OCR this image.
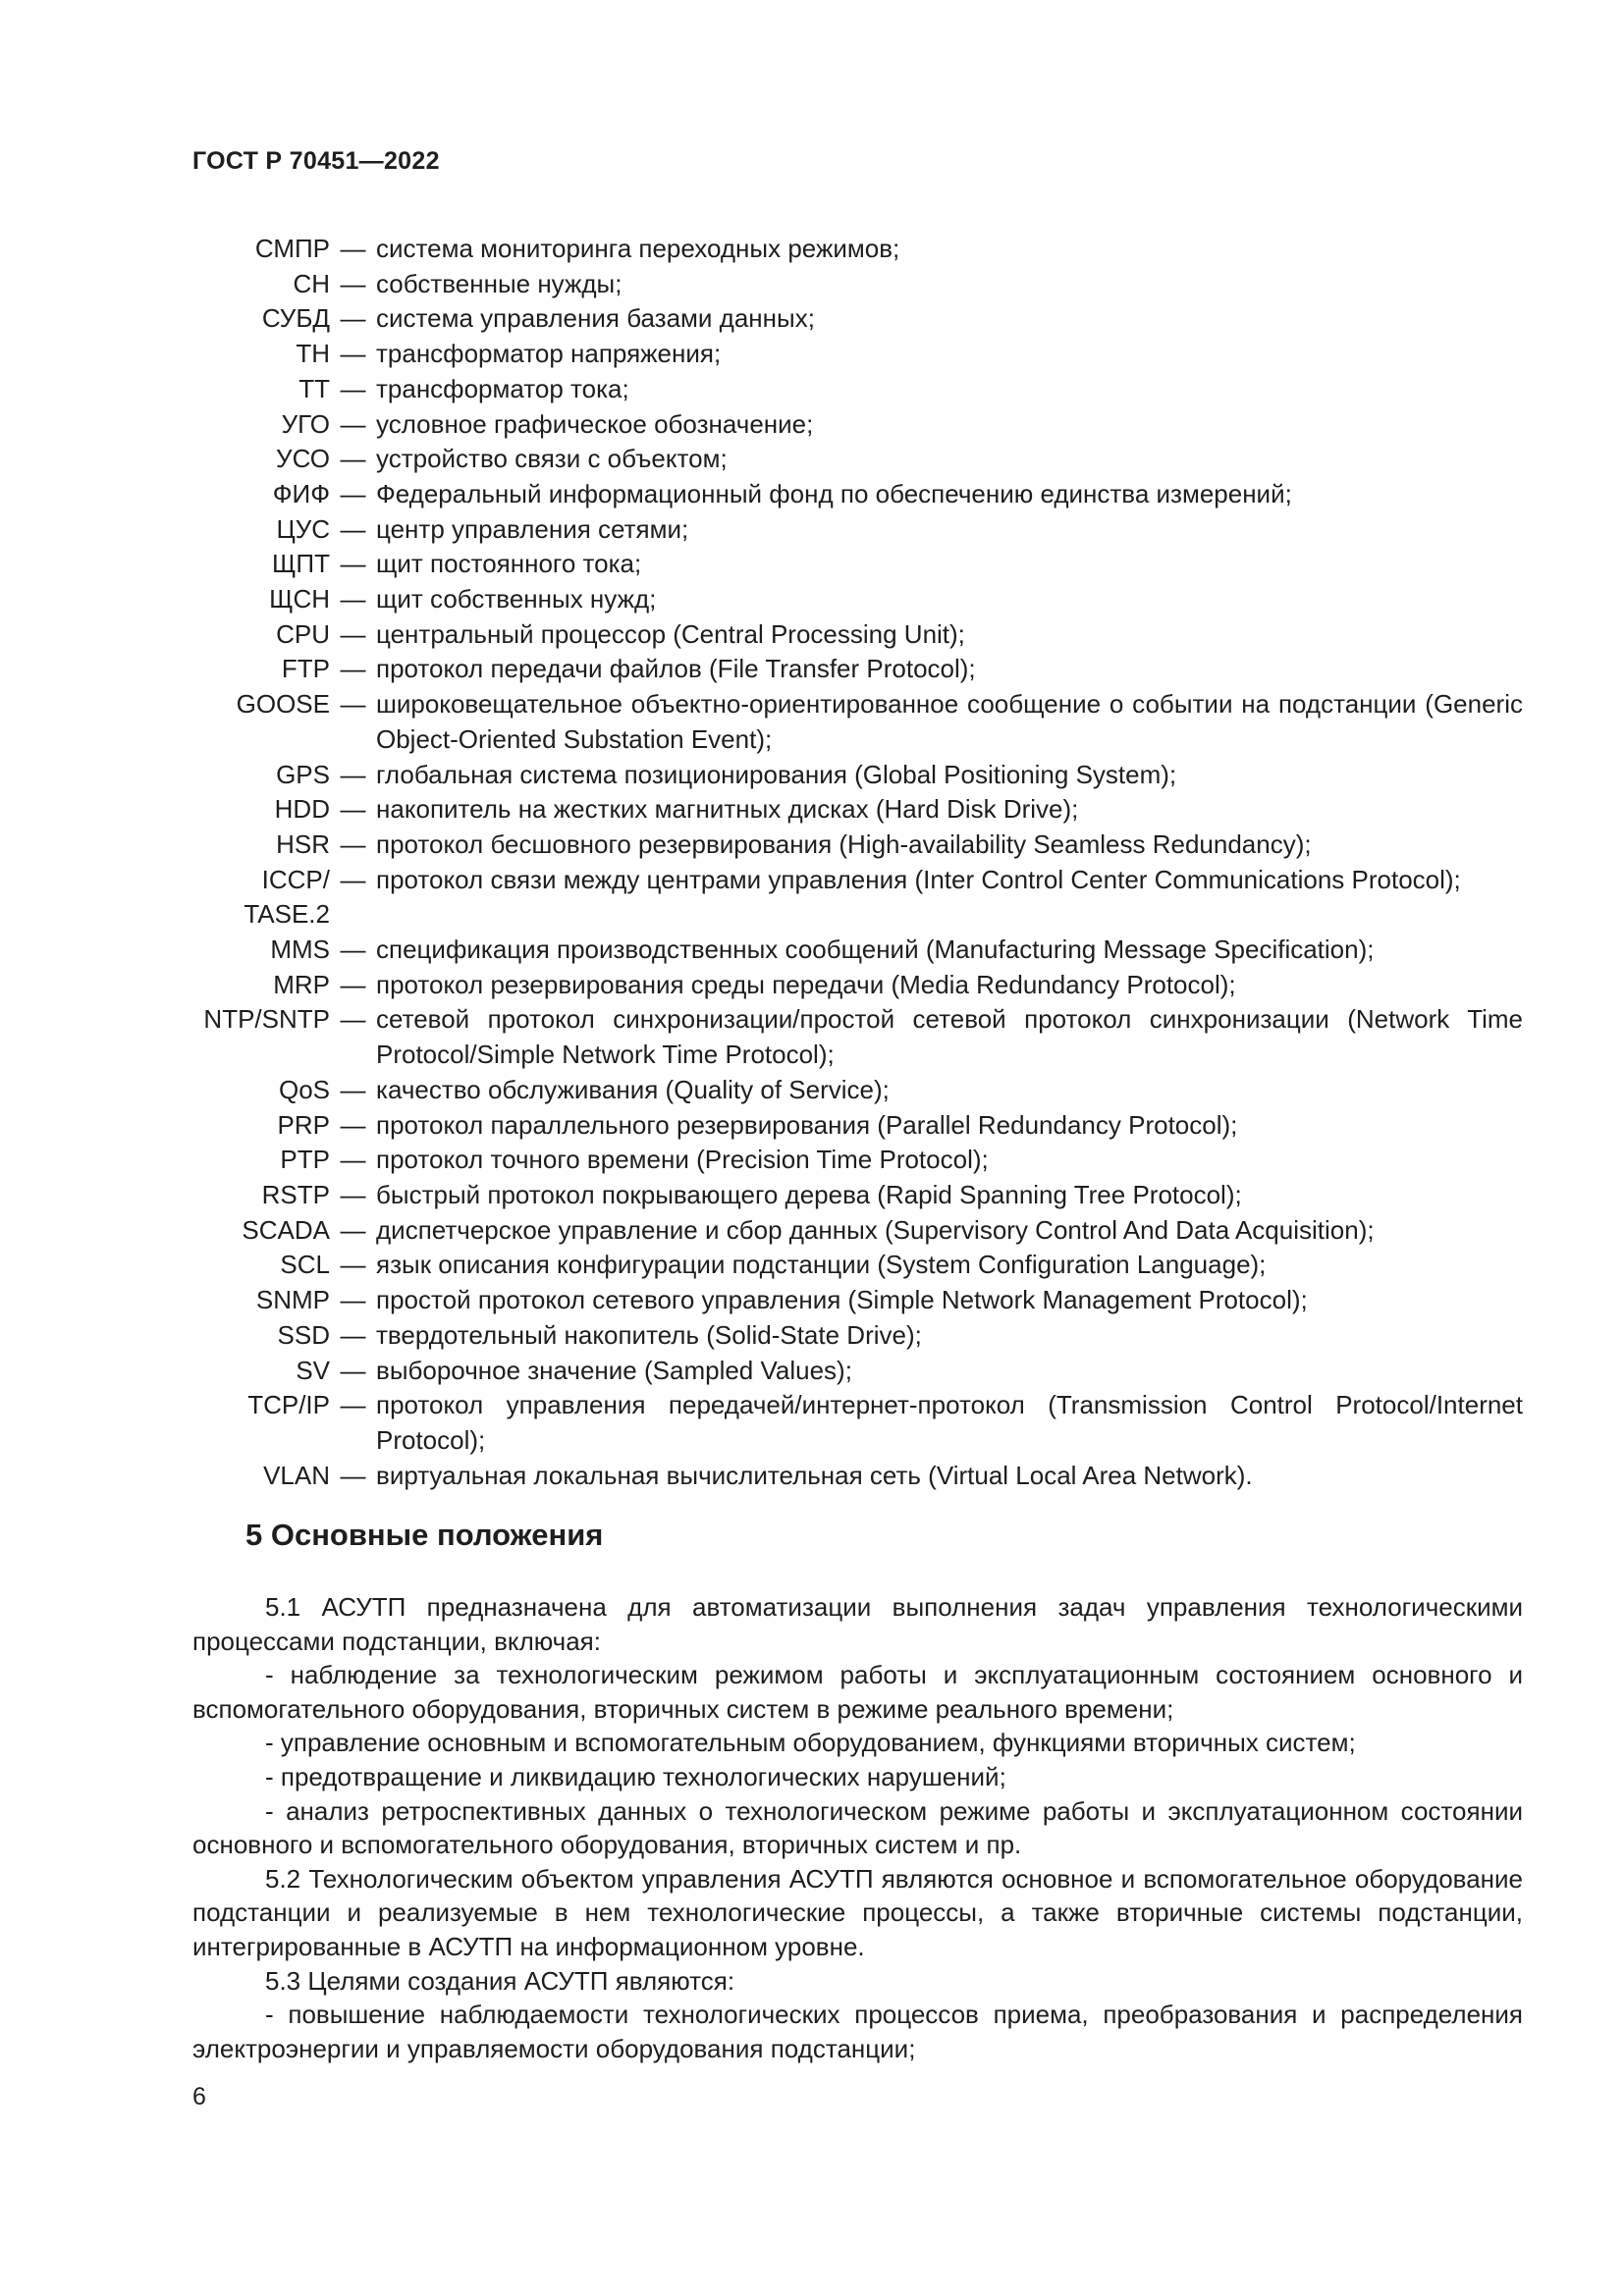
ГОСТ Р 70451—2022
СМПР — система мониторинга переходных режимов;
СН — собственные нужды;
СУБД — система управления базами данных;
ТН — трансформатор напряжения;
ТТ — трансформатор тока;
УГО — условное графическое обозначение;
УСО — устройство связи с объектом;
ФИФ — Федеральный информационный фонд по обеспечению единства измерений;
ЦУС — центр управления сетями;
ЩПТ — щит постоянного тока;
ЩСН — щит собственных нужд;
CPU — центральный процессор (Central Processing Unit);
FTP — протокол передачи файлов (File Transfer Protocol);
GOOSE — широковещательное объектно-ориентированное сообщение о событии на подстанции (Generic Object-Oriented Substation Event);
GPS — глобальная система позиционирования (Global Positioning System);
HDD — накопитель на жестких магнитных дисках (Hard Disk Drive);
HSR — протокол бесшовного резервирования (High-availability Seamless Redundancy);
ICCP/
TASE.2
— протокол связи между центрами управления (Inter Control Center Communications Protocol);
MMS — спецификация производственных сообщений (Manufacturing Message Specification);
MRP — протокол резервирования среды передачи (Media Redundancy Protocol);
NTP/SNTP — сетевой протокол синхронизации/простой сетевой протокол синхронизации (Network Time Protocol/Simple Network Time Protocol);
QoS — качество обслуживания (Quality of Service);
PRP — протокол параллельного резервирования (Parallel Redundancy Protocol);
PTP — протокол точного времени (Precision Time Protocol);
RSTP — быстрый протокол покрывающего дерева (Rapid Spanning Tree Protocol);
SCADA — диспетчерское управление и сбор данных (Supervisory Control And Data Acquisition);
SCL — язык описания конфигурации подстанции (System Configuration Language);
SNMP — простой протокол сетевого управления (Simple Network Management Protocol);
SSD — твердотельный накопитель (Solid-State Drive);
SV — выборочное значение (Sampled Values);
TCP/IP — протокол управления передачей/интернет-протокол (Transmission Control Protocol/Internet Protocol);
VLAN — виртуальная локальная вычислительная сеть (Virtual Local Area Network).
5 Основные положения

5.1 АСУТП предназначена для автоматизации выполнения задач управления технологическими процессами подстанции, включая:

- наблюдение за технологическим режимом работы и эксплуатационным состоянием основного и вспомогательного оборудования, вторичных систем в режиме реального времени;

- управление основным и вспомогательным оборудованием, функциями вторичных систем;

- предотвращение и ликвидацию технологических нарушений;

- анализ ретроспективных данных о технологическом режиме работы и эксплуатационном состоянии основного и вспомогательного оборудования, вторичных систем и пр.

5.2 Технологическим объектом управления АСУТП являются основное и вспомогательное оборудование подстанции и реализуемые в нем технологические процессы, а также вторичные системы подстанции, интегрированные в АСУТП на информационном уровне.

5.3 Целями создания АСУТП являются:

- повышение наблюдаемости технологических процессов приема, преобразования и распределения электроэнергии и управляемости оборудования подстанции;

6
